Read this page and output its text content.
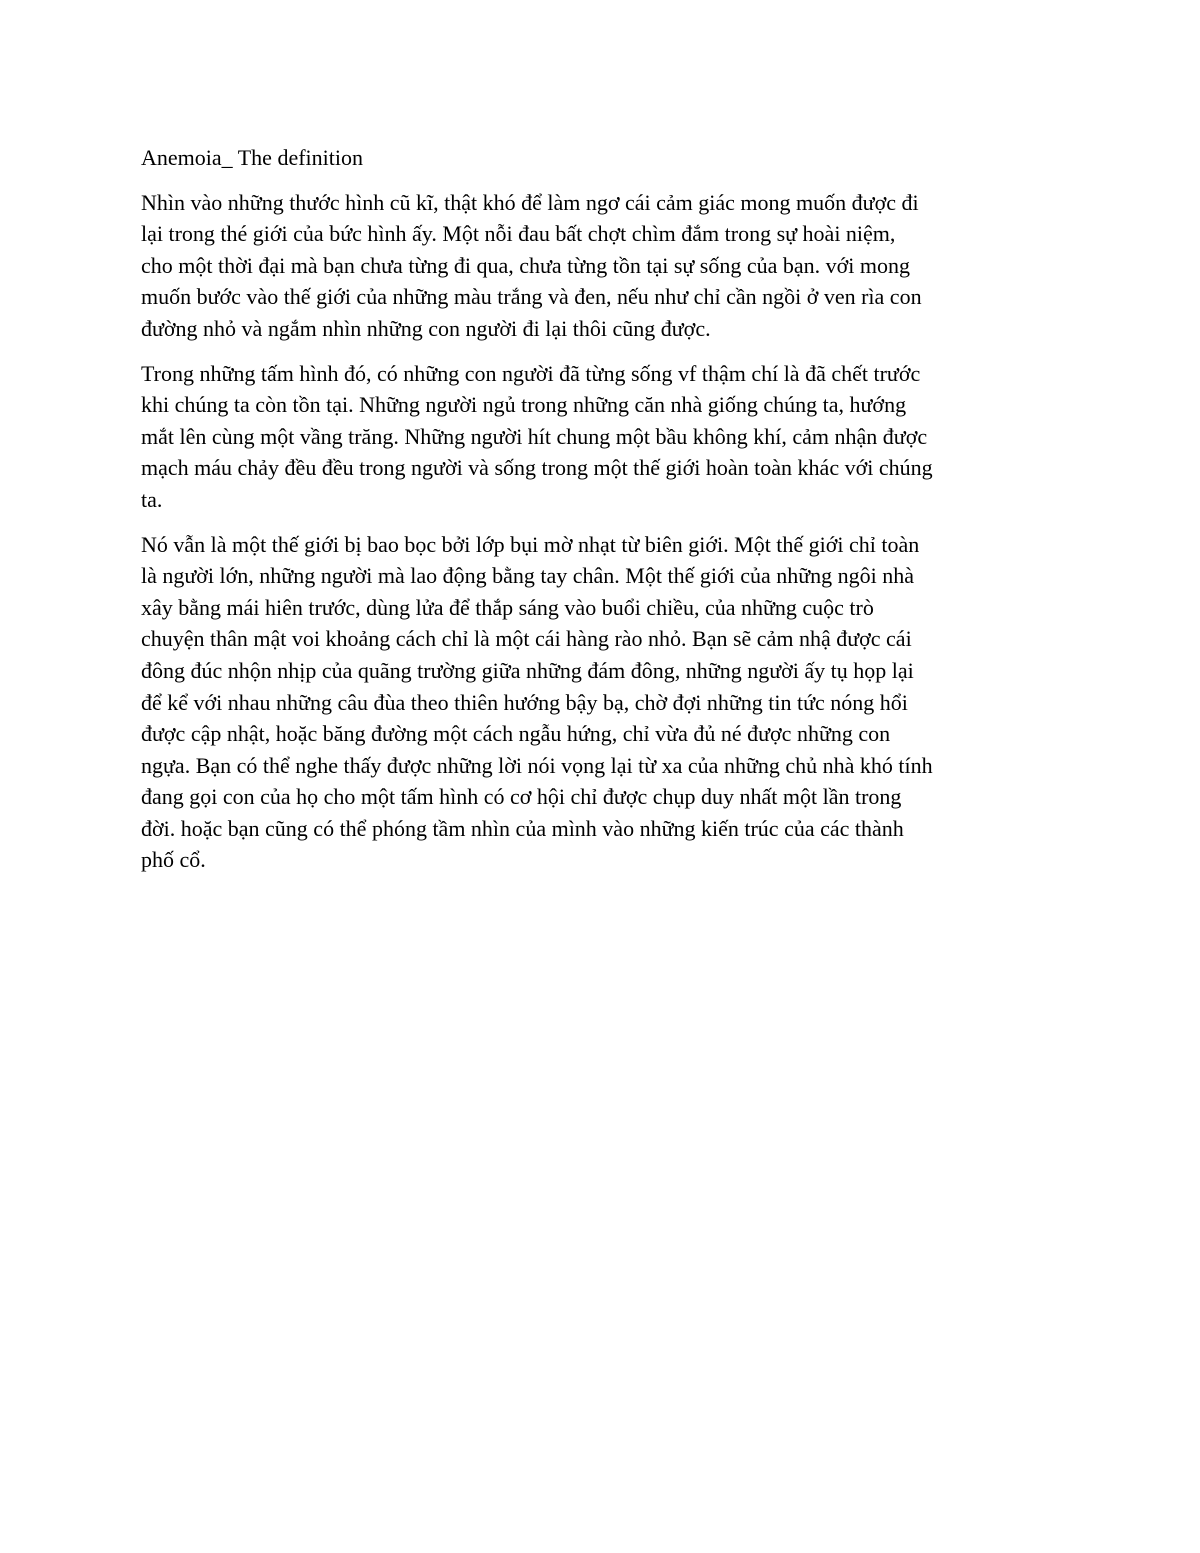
Anemoia_ The definition

Nhìn vào những thước hình cũ kĩ, thật khó để làm ngơ cái cảm giác mong muốn được đi
lại trong thé giới của bức hình ấy. Một nỗi đau bất chợt chìm đắm trong sự hoài niệm,
cho một thời đại mà bạn chưa từng đi qua, chưa từng tồn tại sự sống của bạn. với mong
muốn bước vào thế giới của những màu trắng và đen, nếu như chỉ cần ngồi ở ven rìa con
đường nhỏ và ngắm nhìn những con người đi lại thôi cũng được.

Trong những tấm hình đó, có những con người đã từng sống vf thậm chí là đã chết trước
khi chúng ta còn tồn tại. Những người ngủ trong những căn nhà giống chúng ta, hướng
mắt lên cùng một vầng trăng. Những người hít chung một bầu không khí, cảm nhận được
mạch máu chảy đều đều trong người và sống trong một thế giới hoàn toàn khác với chúng
ta.

Nó vẫn là một thế giới bị bao bọc bởi lớp bụi mờ nhạt từ biên giới. Một thế giới chỉ toàn
là người lớn, những người mà lao động bằng tay chân. Một thế giới của những ngôi nhà
xây bằng mái hiên trước, dùng lửa để thắp sáng vào buổi chiều, của những cuộc trò
chuyện thân mật voi khoảng cách chỉ là một cái hàng rào nhỏ. Bạn sẽ cảm nhậ được cái
đông đúc nhộn nhịp của quãng trường giữa những đám đông, những người ấy tụ họp lại
để kể với nhau những câu đùa theo thiên hướng bậy bạ, chờ đợi những tin tức nóng hổi
được cập nhật, hoặc băng đường một cách ngẫu hứng, chỉ vừa đủ né được những con
ngựa. Bạn có thể nghe thấy được những lời nói vọng lại từ xa của những chủ nhà khó tính
đang gọi con của họ cho một tấm hình có cơ hội chỉ được chụp duy nhất một lần trong
đời. hoặc bạn cũng có thể phóng tầm nhìn của mình vào những kiến trúc của các thành
phố cổ.
